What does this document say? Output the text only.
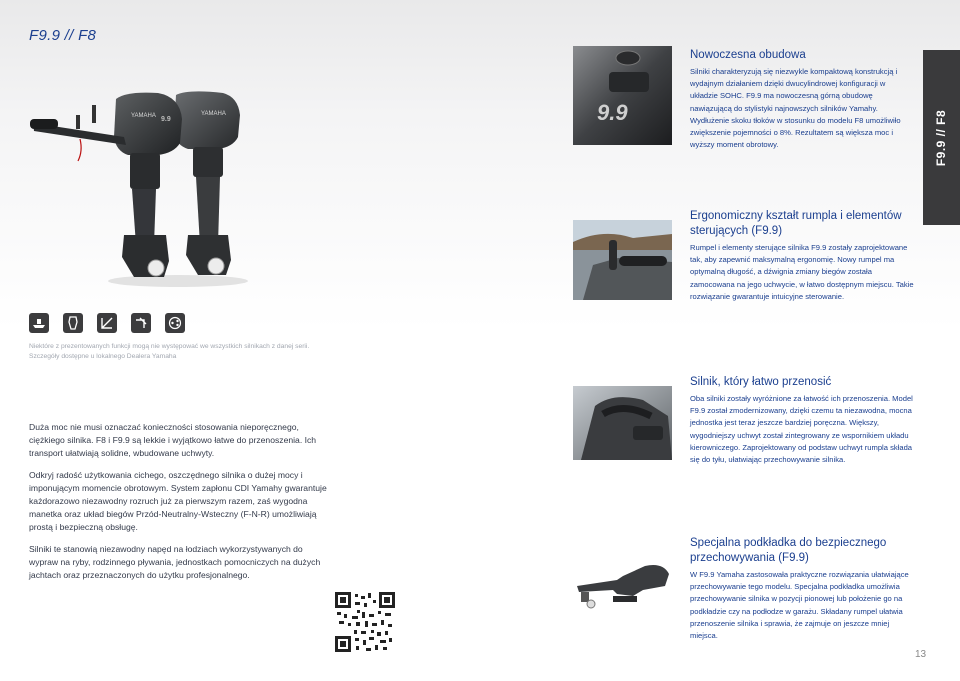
F9.9 // F8
F9.9 // F8
YAMAHA
YAMAHA 9.9
Niektóre z prezentowanych funkcji mogą nie występować we wszystkich silnikach z danej serii.
Szczegóły dostępne u lokalnego Dealera Yamaha

Duża moc nie musi oznaczać konieczności stosowania nieporęcznego, ciężkiego silnika. F8 i F9.9 są lekkie i wyjątkowo łatwe do przenoszenia. Ich transport ułatwiają solidne, wbudowane uchwyty.

Odkryj radość użytkowania cichego, oszczędnego silnika o dużej mocy i imponującym momencie obrotowym. System zapłonu CDI Yamahy gwarantuje każdorazowo niezawodny rozruch już za pierwszym razem, zaś wygodna manetka oraz układ biegów Przód-Neutralny-Wsteczny (F-N-R) umożliwiają prostą i bezpieczną obsługę.

Silniki te stanowią niezawodny napęd na łodziach wykorzystywanych do wypraw na ryby, rodzinnego pływania, jednostkach pomocniczych na dużych jachtach oraz przeznaczonych do użytku profesjonalnego.

9.9
Nowoczesna obudowa
Silniki charakteryzują się niezwykle kompaktową konstrukcją i wydajnym działaniem dzięki dwucylindrowej konfiguracji w układzie SOHC. F9.9 ma nowoczesną górną obudowę nawiązującą do stylistyki najnowszych silników Yamahy. Wydłużenie skoku tłoków w stosunku do modelu F8 umożliwiło zwiększenie pojemności o 8%. Rezultatem są większa moc i wyższy moment obrotowy.
Ergonomiczny kształt rumpla i elementów sterujących (F9.9)
Rumpel i elementy sterujące silnika F9.9 zostały zaprojektowane tak, aby zapewnić maksymalną ergonomię. Nowy rumpel ma optymalną długość, a dźwignia zmiany biegów została zamocowana na jego uchwycie, w łatwo dostępnym miejscu. Takie rozwiązanie gwarantuje intuicyjne sterowanie.
Silnik, który łatwo przenosić
Oba silniki zostały wyróżnione za łatwość ich przenoszenia. Model F9.9 został zmodernizowany, dzięki czemu ta niezawodna, mocna jednostka jest teraz jeszcze bardziej poręczna. Większy, wygodniejszy uchwyt został zintegrowany ze wspornikiem układu kierowniczego. Zaprojektowany od podstaw uchwyt rumpla składa się do tyłu, ułatwiając przechowywanie silnika.
Specjalna podkładka do bezpiecznego przechowywania (F9.9)
W F9.9 Yamaha zastosowała praktyczne rozwiązania ułatwiające przechowywanie tego modelu. Specjalna podkładka umożliwia przechowywanie silnika w pozycji pionowej lub położenie go na podkładzie czy na podłodze w garażu. Składany rumpel ułatwia przenoszenie silnika i sprawia, że zajmuje on jeszcze mniej miejsca.
13
